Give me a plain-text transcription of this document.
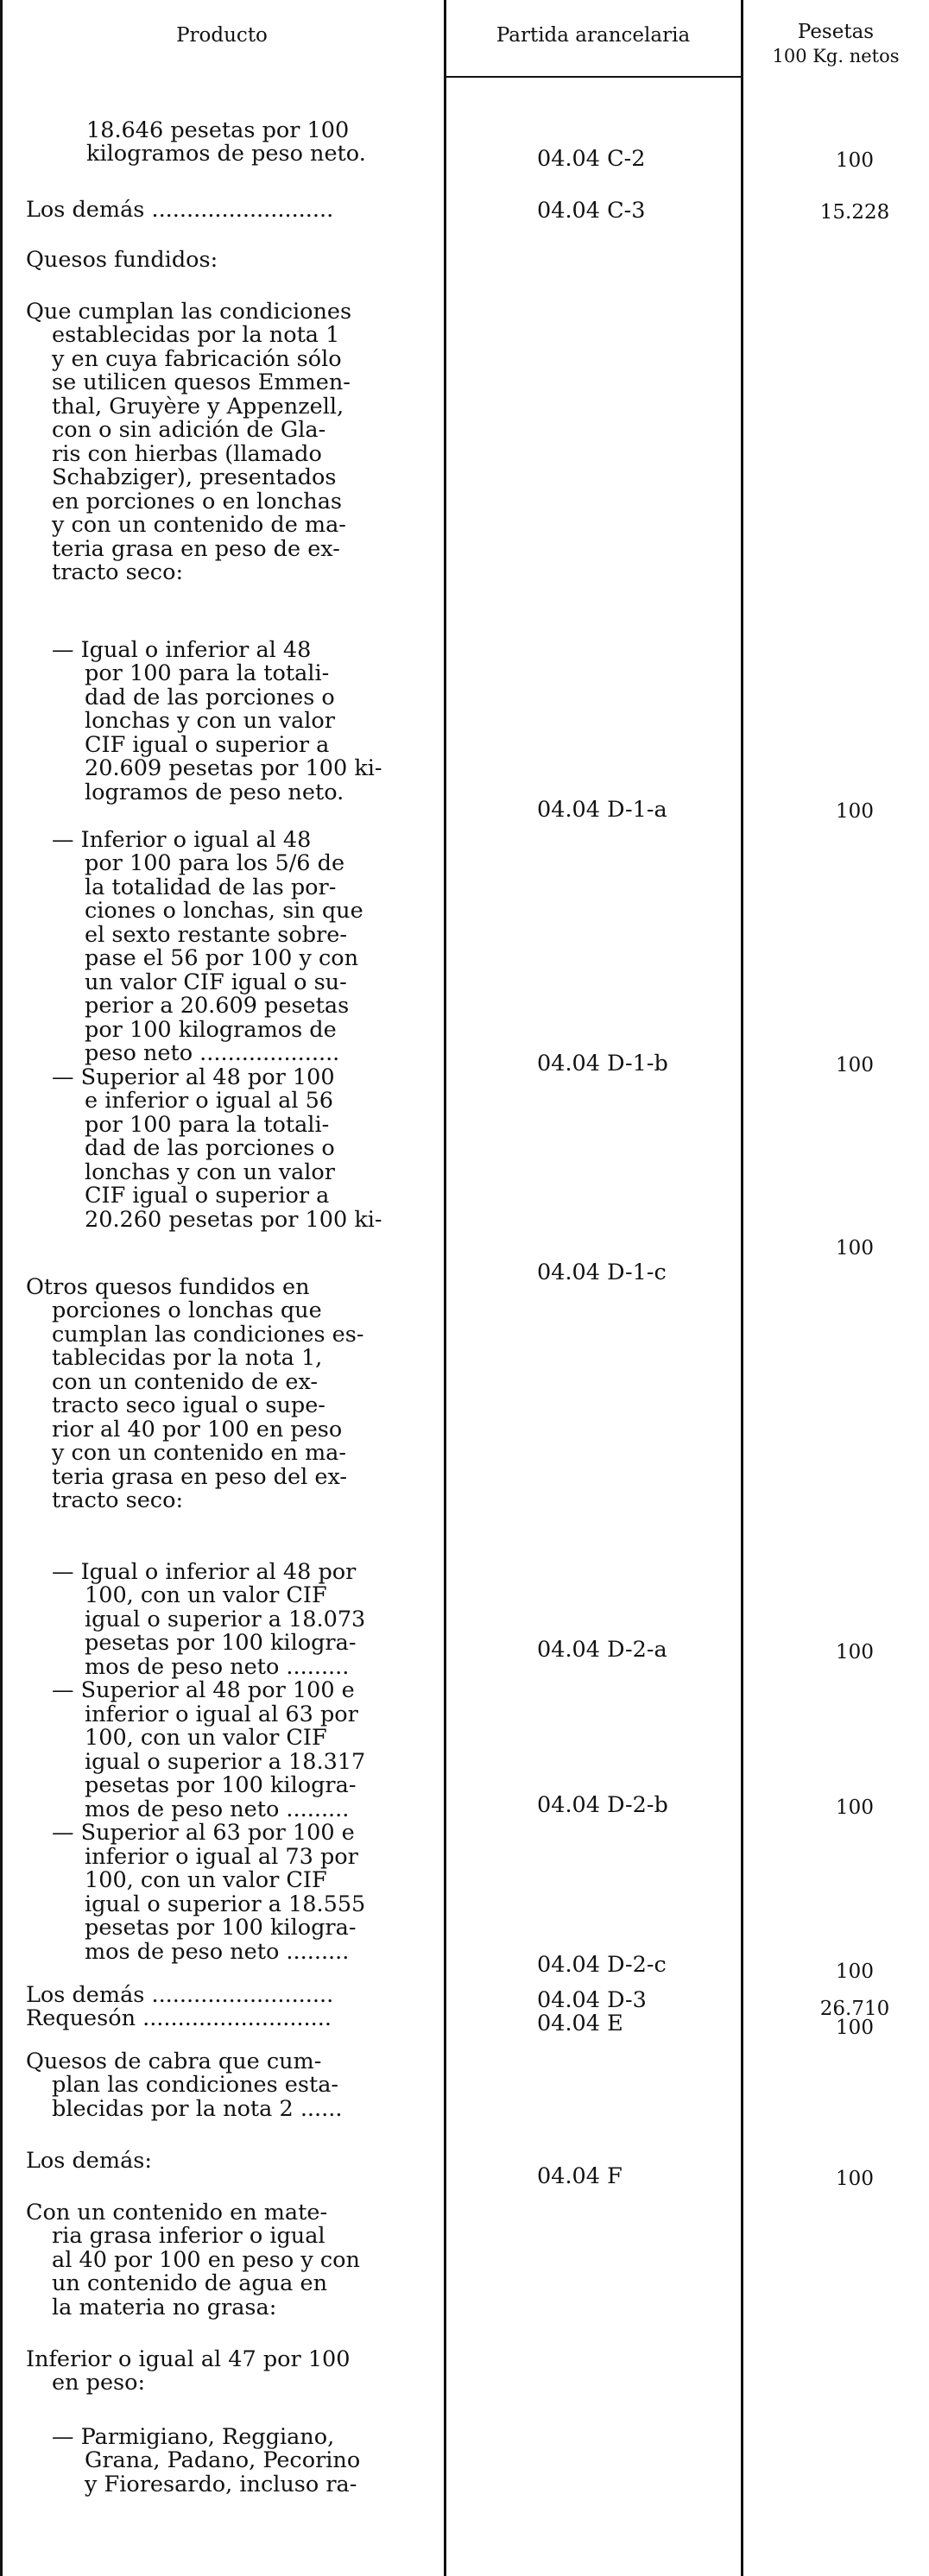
Producto	Partida arancelaria	Pesetas
100 Kg. netos
18.646 pesetas por 100
kilogramos de peso neto.
Los demás ..........................
Quesos fundidos:
Que cumplan las condiciones
establecidas por la nota 1
y en cuya fabricación sólo
se utilicen quesos Emmen-
thal, Gruyère y Appenzell,
con o sin adición de Gla-
ris con hierbas (llamado
Schabziger), presentados
en porciones o en lonchas
y con un contenido de ma-
teria grasa en peso de ex-
tracto seco:
— Igual o inferior al 48
por 100 para la totali-
dad de las porciones o
lonchas y con un valor
CIF igual o superior a
20.609 pesetas por 100 ki-
logramos de peso neto.
— Inferior o igual al 48
por 100 para los 5/6 de
la totalidad de las por-
ciones o lonchas, sin que
el sexto restante sobre-
pase el 56 por 100 y con
un valor CIF igual o su-
perior a 20.609 pesetas
por 100 kilogramos de
peso neto ....................
— Superior al 48 por 100
e inferior o igual al 56
por 100 para la totali-
dad de las porciones o
lonchas y con un valor
CIF igual o superior a
20.260 pesetas por 100 ki-
Otros quesos fundidos en
porciones o lonchas que
cumplan las condiciones es-
tablecidas por la nota 1,
con un contenido de ex-
tracto seco igual o supe-
rior al 40 por 100 en peso
y con un contenido en ma-
teria grasa en peso del ex-
tracto seco:
— Igual o inferior al 48 por
100, con un valor CIF
igual o superior a 18.073
pesetas por 100 kilogra-
mos de peso neto .........
— Superior al 48 por 100 e
inferior o igual al 63 por
100, con un valor CIF
igual o superior a 18.317
pesetas por 100 kilogra-
mos de peso neto .........
— Superior al 63 por 100 e
inferior o igual al 73 por
100, con un valor CIF
igual o superior a 18.555
pesetas por 100 kilogra-
mos de peso neto .........
Los demás ..........................
Requesón ...........................
Quesos de cabra que cum-
plan las condiciones esta-
blecidas por la nota 2 ......
Los demás:
Con un contenido en mate-
ria grasa inferior o igual
al 40 por 100 en peso y con
un contenido de agua en
la materia no grasa:
Inferior o igual al 47 por 100
en peso:
— Parmigiano, Reggiano,
Grana, Padano, Pecorino
y Fioresardo, incluso ra-
04.04 C-2
04.04 C-3
04.04 D-1-a
04.04 D-1-b
04.04 D-1-c
04.04 D-2-a
04.04 D-2-b
04.04 D-2-c
04.04 D-3
04.04 E
04.04 F
100
15.228
100
100
100
100
100
100
26.710
100
100
